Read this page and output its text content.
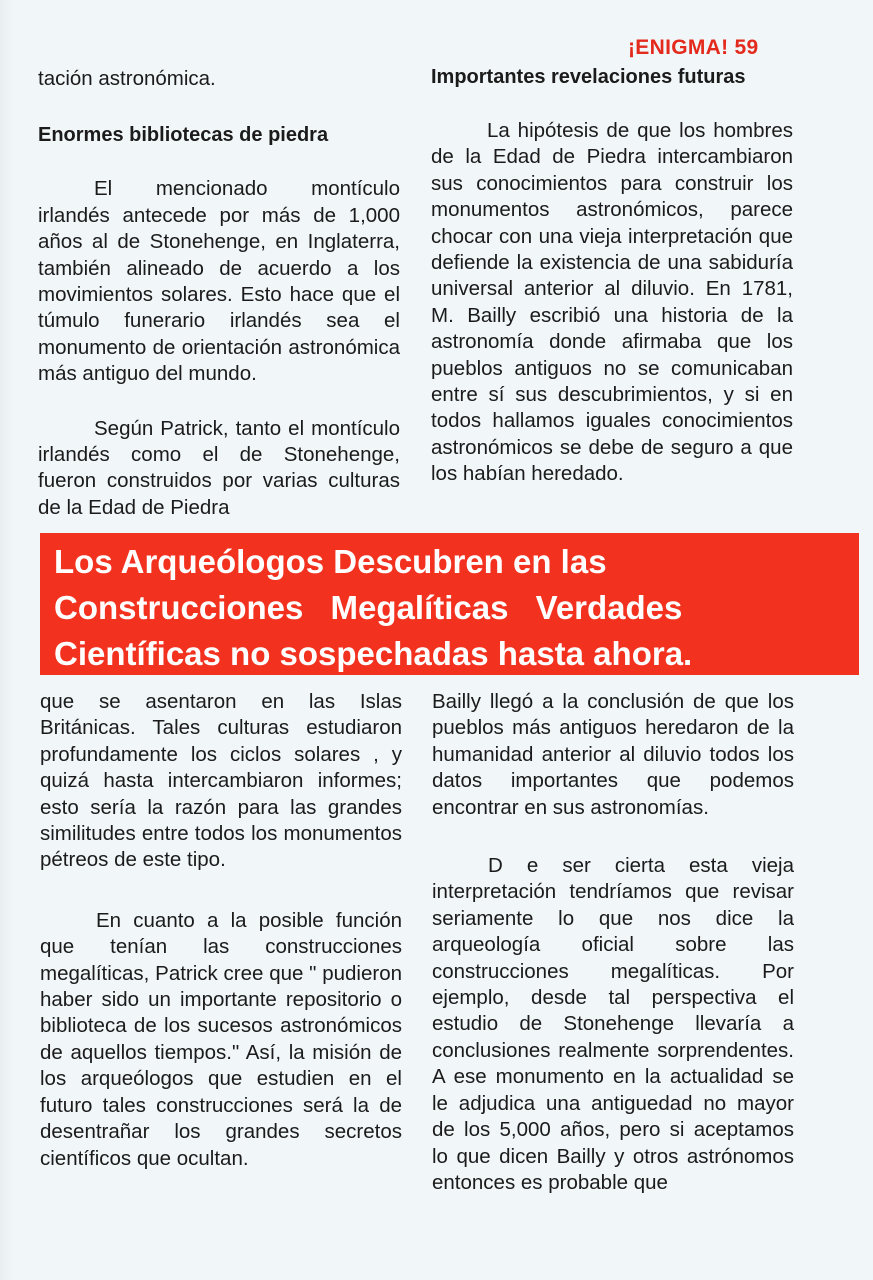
¡ENIGMA! 59

tación astronómica.

Enormes bibliotecas de piedra

El mencionado montículo irlandés antecede por más de 1,000 años al de Stonehenge, en Inglaterra, también alineado de acuerdo a los movimientos solares. Esto hace que el túmulo funerario irlandés sea el monumento de orientación astronómica más antiguo del mundo.

Según Patrick, tanto el montículo irlandés como el de Stonehenge, fueron construidos por varias culturas de la Edad de Piedra

Importantes revelaciones futuras

La hipótesis de que los hombres de la Edad de Piedra intercambiaron sus conocimientos para construir los monumentos astronómicos, parece chocar con una vieja interpretación que defiende la existencia de una sabiduría universal anterior al diluvio. En 1781, M. Bailly escribió una historia de la astronomía donde afirmaba que los pueblos antiguos no se comunicaban entre sí sus descubrimientos, y si en todos hallamos iguales conocimientos astronómicos se debe de seguro a que los habían heredado.

Los Arqueólogos Descubren en las
Construcciones Megalíticas Verdades
Científicas no sospechadas hasta ahora.

que se asentaron en las Islas Británicas. Tales culturas estudiaron profundamente los ciclos solares , y quizá hasta intercambiaron informes; esto sería la razón para las grandes similitudes entre todos los monumentos pétreos de este tipo.

En cuanto a la posible función que tenían las construcciones megalíticas, Patrick cree que " pudieron haber sido un importante repositorio o biblioteca de los sucesos astronómicos de aquellos tiempos." Así, la misión de los arqueólogos que estudien en el futuro tales construcciones será la de desentrañar los grandes secretos científicos que ocultan.

Bailly llegó a la conclusión de que los pueblos más antiguos heredaron de la humanidad anterior al diluvio todos los datos importantes que podemos encontrar en sus astronomías.

D e ser cierta esta vieja interpretación tendríamos que revisar seriamente lo que nos dice la arqueología oficial sobre las construcciones megalíticas. Por ejemplo, desde tal perspectiva el estudio de Stonehenge llevaría a conclusiones realmente sorprendentes. A ese monumento en la actualidad se le adjudica una antiguedad no mayor de los 5,000 años, pero si aceptamos lo que dicen Bailly y otros astrónomos entonces es probable que
